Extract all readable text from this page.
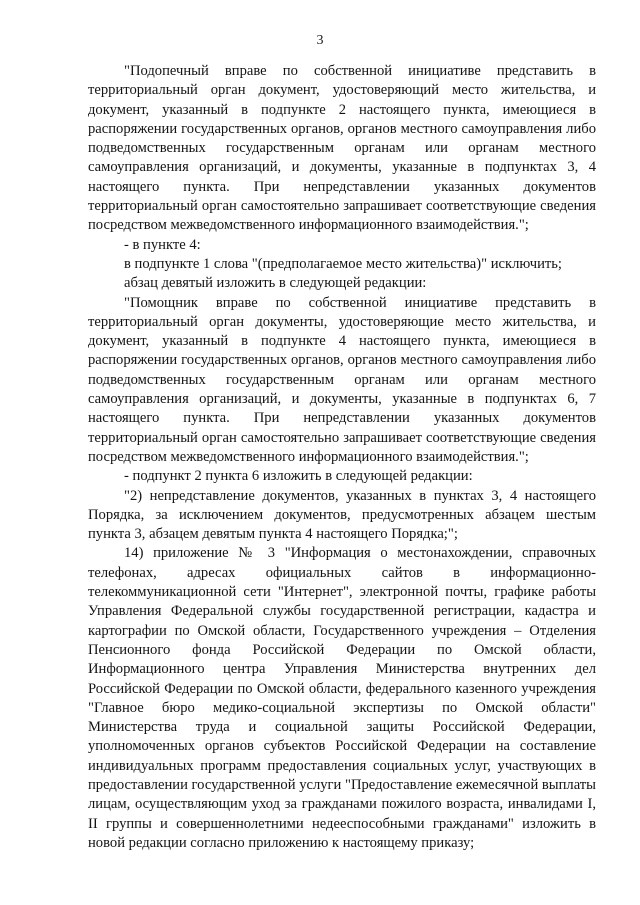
3

"Подопечный вправе по собственной инициативе представить в территориальный орган документ, удостоверяющий место жительства, и документ, указанный в подпункте 2 настоящего пункта, имеющиеся в распоряжении государственных органов, органов местного самоуправления либо подведомственных государственным органам или органам местного самоуправления организаций, и документы, указанные в подпунктах 3, 4 настоящего пункта. При непредставлении указанных документов территориальный орган самостоятельно запрашивает соответствующие сведения посредством межведомственного информационного взаимодействия.";

- в пункте 4:

в подпункте 1 слова "(предполагаемое место жительства)" исключить;

абзац девятый изложить в следующей редакции:

"Помощник вправе по собственной инициативе представить в территориальный орган документы, удостоверяющие место жительства, и документ, указанный в подпункте 4 настоящего пункта, имеющиеся в распоряжении государственных органов, органов местного самоуправления либо подведомственных государственным органам или органам местного самоуправления организаций, и документы, указанные в подпунктах 6, 7 настоящего пункта. При непредставлении указанных документов территориальный орган самостоятельно запрашивает соответствующие сведения посредством межведомственного информационного взаимодействия.";

- подпункт 2 пункта 6 изложить в следующей редакции:

"2) непредставление документов, указанных в пунктах 3, 4 настоящего Порядка, за исключением документов, предусмотренных абзацем шестым пункта 3, абзацем девятым пункта 4 настоящего Порядка;";

14) приложение № 3 "Информация о местонахождении, справочных телефонах, адресах официальных сайтов в информационно-телекоммуникационной сети "Интернет", электронной почты, графике работы Управления Федеральной службы государственной регистрации, кадастра и картографии по Омской области, Государственного учреждения – Отделения Пенсионного фонда Российской Федерации по Омской области, Информационного центра Управления Министерства внутренних дел Российской Федерации по Омской области, федерального казенного учреждения "Главное бюро медико-социальной экспертизы по Омской области" Министерства труда и социальной защиты Российской Федерации, уполномоченных органов субъектов Российской Федерации на составление индивидуальных программ предоставления социальных услуг, участвующих в предоставлении государственной услуги "Предоставление ежемесячной выплаты лицам, осуществляющим уход за гражданами пожилого возраста, инвалидами I, II группы и совершеннолетними недееспособными гражданами" изложить в новой редакции согласно приложению к настоящему приказу;
